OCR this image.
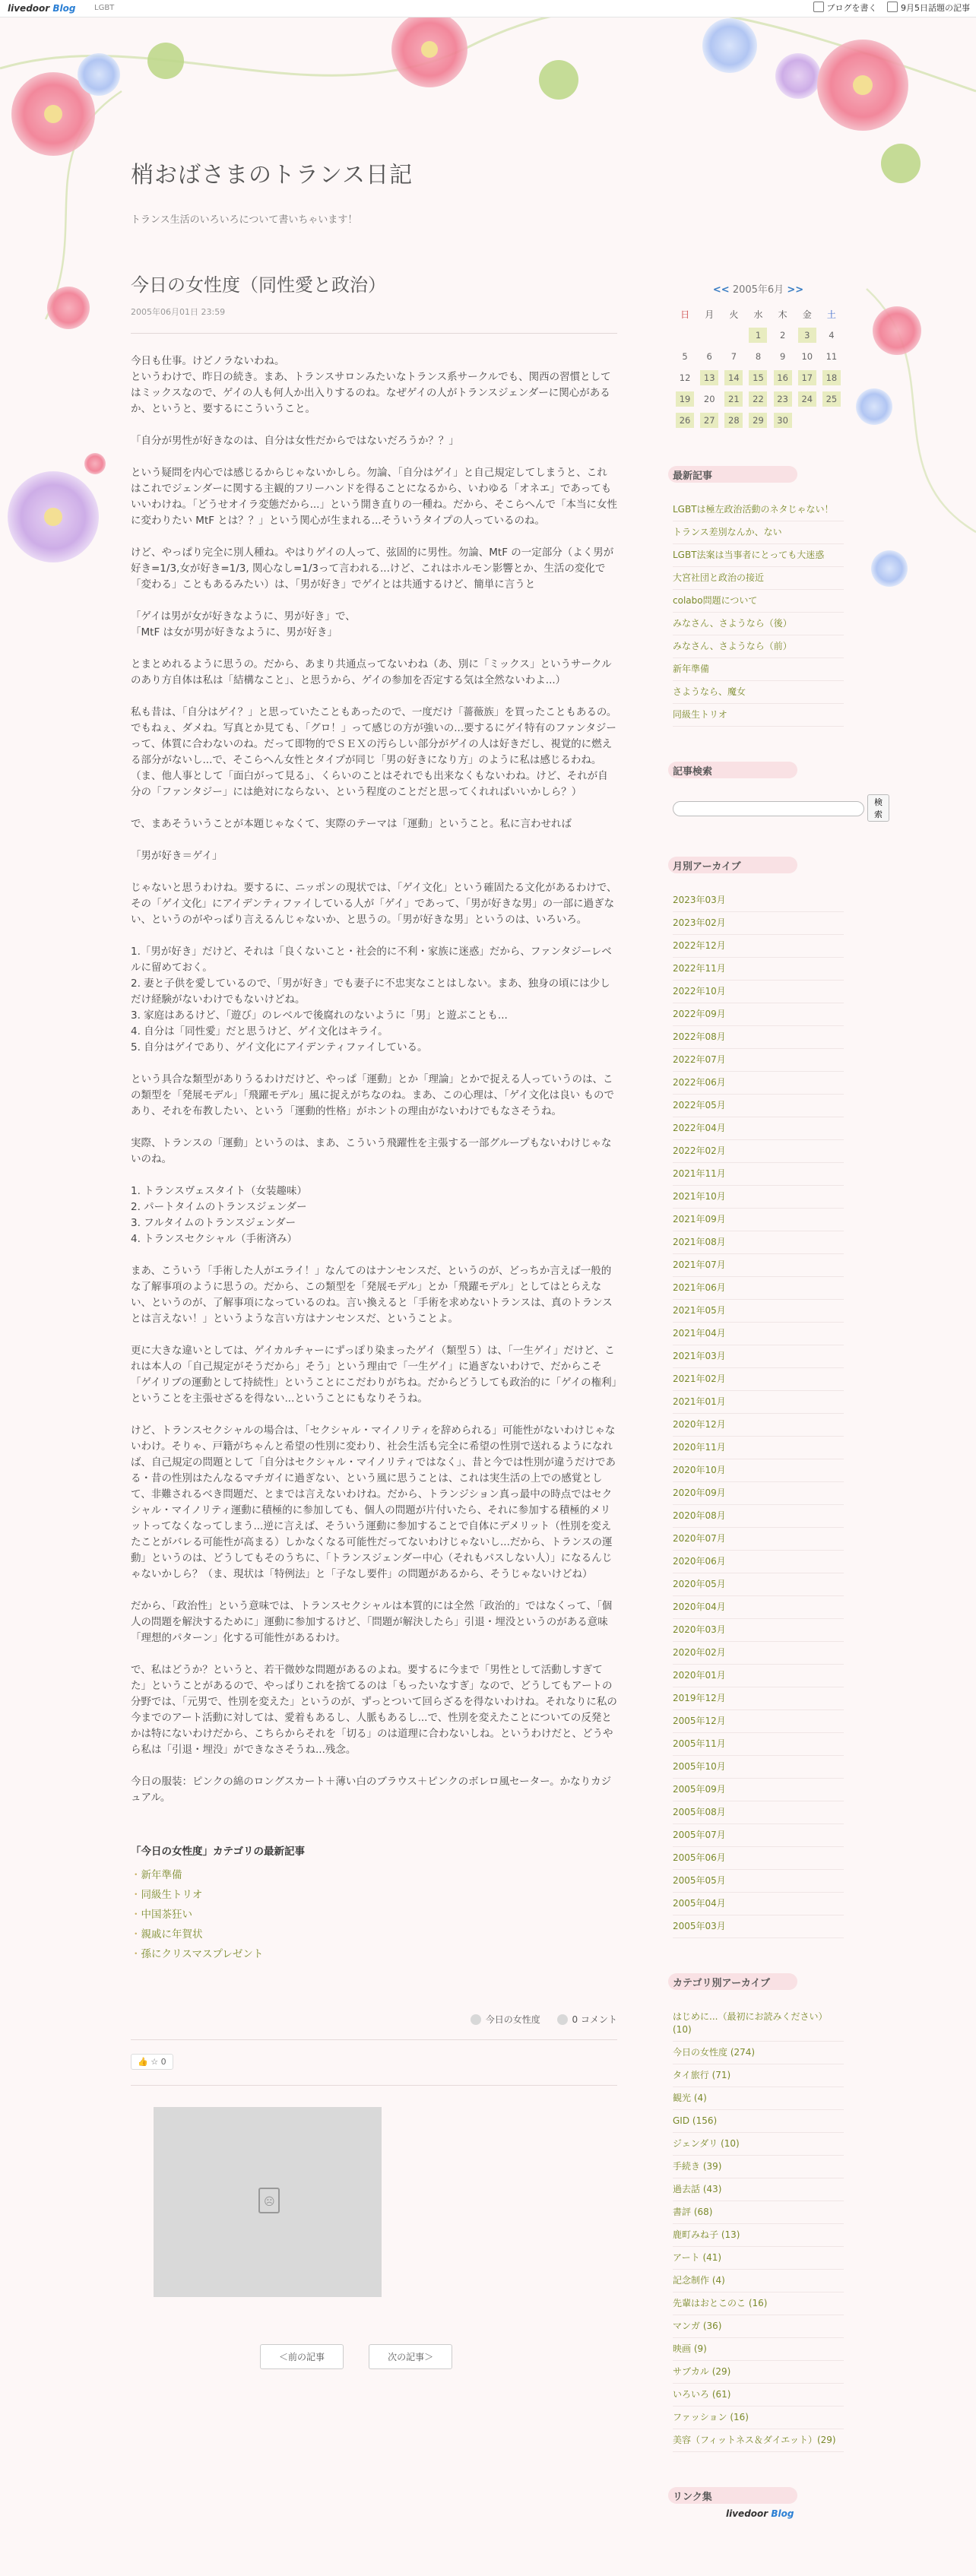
livedoor Blog LGBT	ブログを書く	9月5日話題の記事
梢おばさまのトランス日記
トランス生活のいろいろについて書いちゃいます！
今日の女性度（同性愛と政治）
2005年06月01日 23:59

今日も仕事。けどノラないわね。
というわけで、昨日の続き。まあ、トランスサロンみたいなトランス系サークルでも、関西の習慣としてはミックスなので、ゲイの人も何人か出入りするのね。なぜゲイの人がトランスジェンダーに関心があるか、というと、要するにこういうこと。

「自分が男性が好きなのは、自分は女性だからではないだろうか？？」

という疑問を内心では感じるからじゃないかしら。勿論、「自分はゲイ」と自己規定してしまうと、これはこれでジェンダーに関する主観的フリーハンドを得ることになるから、いわゆる「オネエ」であってもいいわけね。「どうせオイラ変態だから...」という開き直りの一種ね。だから、そこらへんで「本当に女性に変わりたい MtF とは？？」という関心が生まれる...そういうタイプの人っているのね。

けど、やっぱり完全に別人種ね。やはりゲイの人って、弦固的に男性。勿論、MtF の一定部分（よく男が好き=1/3,女が好き=1/3, 関心なし=1/3って言われる...けど、これはホルモン影響とか、生活の変化で「変わる」こともあるみたい）は、「男が好き」でゲイとは共通するけど、簡単に言うと

「ゲイは男が女が好きなように、男が好き」で、
「MtF は女が男が好きなように、男が好き」

とまとめれるように思うの。だから、あまり共通点ってないわね（あ、別に「ミックス」というサークルのあり方自体は私は「結構なこと」、と思うから、ゲイの参加を否定する気は全然ないわよ...）

私も昔は、「自分はゲイ？」と思っていたこともあったので、一度だけ「薔薇族」を買ったこともあるの。でもねぇ、ダメね。写真とか見ても、「グロ！」って感じの方が強いの...要するにゲイ特有のファンタジーって、体質に合わないのね。だって即物的でＳＥＸの汚らしい部分がゲイの人は好きだし、視覚的に燃える部分がないし...で、そこらへん女性とタイプが同じ「男の好きになり方」のように私は感じるわね。（ま、他人事として「面白がって見る」、くらいのことはそれでも出来なくもないわね。けど、それが自分の「ファンタジー」には絶対にならない、という程度のことだと思ってくれればいいかしら？）

で、まあそういうことが本題じゃなくて、実際のテーマは「運動」ということ。私に言わせれば

「男が好き＝ゲイ」

じゃないと思うわけね。要するに、ニッポンの現状では、「ゲイ文化」という確固たる文化があるわけで、その「ゲイ文化」にアイデンティファイしている人が「ゲイ」であって、「男が好きな男」の一部に過ぎない、というのがやっぱり言えるんじゃないか、と思うの。「男が好きな男」というのは、いろいろ。

1.「男が好き」だけど、それは「良くないこと・社会的に不利・家族に迷惑」だから、ファンタジーレベルに留めておく。
2. 妻と子供を愛しているので、「男が好き」でも妻子に不忠実なことはしない。まあ、独身の頃には少しだけ経験がないわけでもないけどね。
3. 家庭はあるけど、「遊び」のレベルで後腐れのないように「男」と遊ぶことも...
4. 自分は「同性愛」だと思うけど、ゲイ文化はキライ。
5. 自分はゲイであり、ゲイ文化にアイデンティファイしている。

という具合な類型がありうるわけだけど、やっぱ「運動」とか「理論」とかで捉える人っていうのは、この類型を「発展モデル」「飛躍モデル」風に捉えがちなのね。まあ、この心理は、「ゲイ文化は良い ものであり、それを布教したい、という「運動的性格」がホントの理由がないわけでもなさそうね。

実際、トランスの「運動」というのは、まあ、こういう飛躍性を主張する一部グループもないわけじゃないのね。

1. トランスヴェスタイト（女装趣味）
2. パートタイムのトランスジェンダー
3. フルタイムのトランスジェンダー
4. トランスセクシャル（手術済み）

まあ、こういう「手術した人がエライ！」なんてのはナンセンスだ、というのが、どっちか言えば一般的な了解事項のように思うの。だから、この類型を「発展モデル」とか「飛躍モデル」としてはとらえない、というのが、了解事項になっているのね。言い換えると「手術を求めないトランスは、真のトランスとは言えない！」というような言い方はナンセンスだ、ということよ。

更に大きな違いとしては、ゲイカルチャーにずっぽり染まったゲイ（類型５）は、「一生ゲイ」だけど、これは本人の「自己規定がそうだから」そう」という理由で「一生ゲイ」に過ぎないわけで、だからこそ「ゲイリブの運動として持続性」ということにこだわりがちね。だからどうしても政治的に「ゲイの権利」ということを主張せざるを得ない...ということにもなりそうね。

けど、トランスセクシャルの場合は、「セクシャル・マイノリティを辞められる」可能性がないわけじゃないわけ。そりゃ、戸籍がちゃんと希望の性別に変わり、社会生活も完全に希望の性別で送れるようになれば、自己規定の問題として「自分はセクシャル・マイノリティではなく」、昔と今では性別が違うだけである・昔の性別はたんなるマチガイに過ぎない、という風に思うことは、これは実生活の上での感覚として、非難されるべき問題だ、とまでは言えないわけね。だから、トランジション真っ最中の時点ではセクシャル・マイノリティ運動に積極的に参加しても、個人の問題が片付いたら、それに参加する積極的メリットってなくなってしまう...逆に言えば、そういう運動に参加することで自体にデメリット（性別を変えたことがバレる可能性が高まる）しかなくなる可能性だってないわけじゃないし...だから、トランスの運動」というのは、どうしてもそのうちに、「トランスジェンダー中心（それもパスしない人）」になるんじゃないかしら？（ま、現状は「特例法」と「子なし要件」の問題があるから、そうじゃないけどね）

だから、「政治性」という意味では、トランスセクシャルは本質的には全然「政治的」ではなくって、「個人の問題を解決するために」運動に参加するけど、「問題が解決したら」引退・埋没というのがある意味「理想的パターン」化する可能性があるわけ。

で、私はどうか？というと、若干微妙な問題があるのよね。要するに今まで「男性として活動しすぎてた」ということがあるので、やっぱりこれを捨てるのは「もったいなすぎ」なので、どうしてもアートの分野では、「元男で、性別を変えた」というのが、ずっとついて回らざるを得ないわけね。それなりに私の今までのアート活動に対しては、愛着もあるし、人脈もあるし...で、性別を変えたことについての反発とかは特にないわけだから、こちらからそれを「切る」のは道理に合わないしね。というわけだと、どうやら私は「引退・埋没」ができなさそうね...残念。

今日の服装：ピンクの綿のロングスカート＋薄い白のブラウス＋ピンクのボレロ風セーター。かなりカジュアル。

「今日の女性度」カテゴリの最新記事
・ 新年準備
・ 同級生トリオ
・ 中国茶狂い
・ 親戚に年賀状
・ 孫にクリスマスプレゼント
今日の女性度	0 コメント
👍 ☆ 0
☹
＜前の記事	次の記事＞
<< 2005年6月 >>
日	月	火	水	木	金	土
			1	2	3	4
5	6	7	8	9	10	11
12	13	14	15	16	17	18
19	20	21	22	23	24	25
26	27	28	29	30		
最新記事
LGBTは極左政治活動のネタじゃない！
トランス差別なんか、ない
LGBT法案は当事者にとっても大迷惑
大宮社団と政治の接近
colabo問題について
みなさん、さようなら（後）
みなさん、さようなら（前）
新年準備
さようなら、魔女
同級生トリオ
記事検索
検索
月別アーカイブ
2023年03月
2023年02月
2022年12月
2022年11月
2022年10月
2022年09月
2022年08月
2022年07月
2022年06月
2022年05月
2022年04月
2022年02月
2021年11月
2021年10月
2021年09月
2021年08月
2021年07月
2021年06月
2021年05月
2021年04月
2021年03月
2021年02月
2021年01月
2020年12月
2020年11月
2020年10月
2020年09月
2020年08月
2020年07月
2020年06月
2020年05月
2020年04月
2020年03月
2020年02月
2020年01月
2019年12月
2005年12月
2005年11月
2005年10月
2005年09月
2005年08月
2005年07月
2005年06月
2005年05月
2005年04月
2005年03月
カテゴリ別アーカイブ
はじめに...（最初にお読みください）(10)
今日の女性度 (274)
タイ旅行 (71)
観光 (4)
GID (156)
ジェンダリ (10)
手続き (39)
過去話 (43)
書評 (68)
鹿町みね子 (13)
アート (41)
記念制作 (4)
先輩はおとこのこ (16)
マンガ (36)
映画 (9)
サブカル (29)
いろいろ (61)
ファッション (16)
美容（フィットネス＆ダイエット）(29)
リンク集
livedoor Blog
